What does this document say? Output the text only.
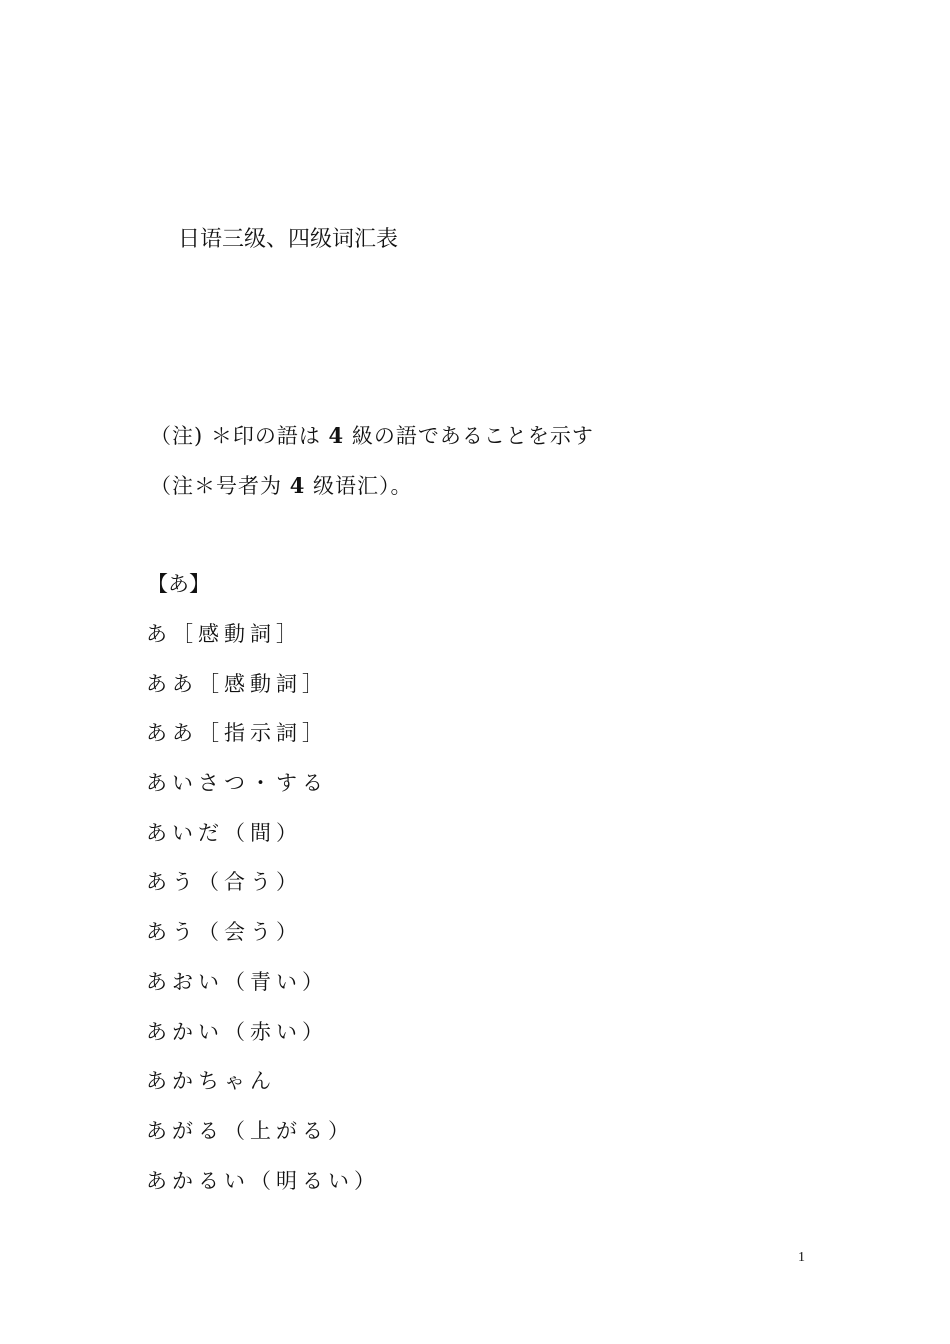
日语三级、四级词汇表
（注) ＊印の語は 4 級の語であることを示す
（注＊号者为 4 级语汇）。
【あ】
あ［感動詞］
ああ［感動詞］
ああ［指示詞］
あいさつ・する
あいだ（間）
あう（合う）
あう（会う）
あおい（青い）
あかい（赤い）
あかちゃん
あがる（上がる）
あかるい（明るい）
1
